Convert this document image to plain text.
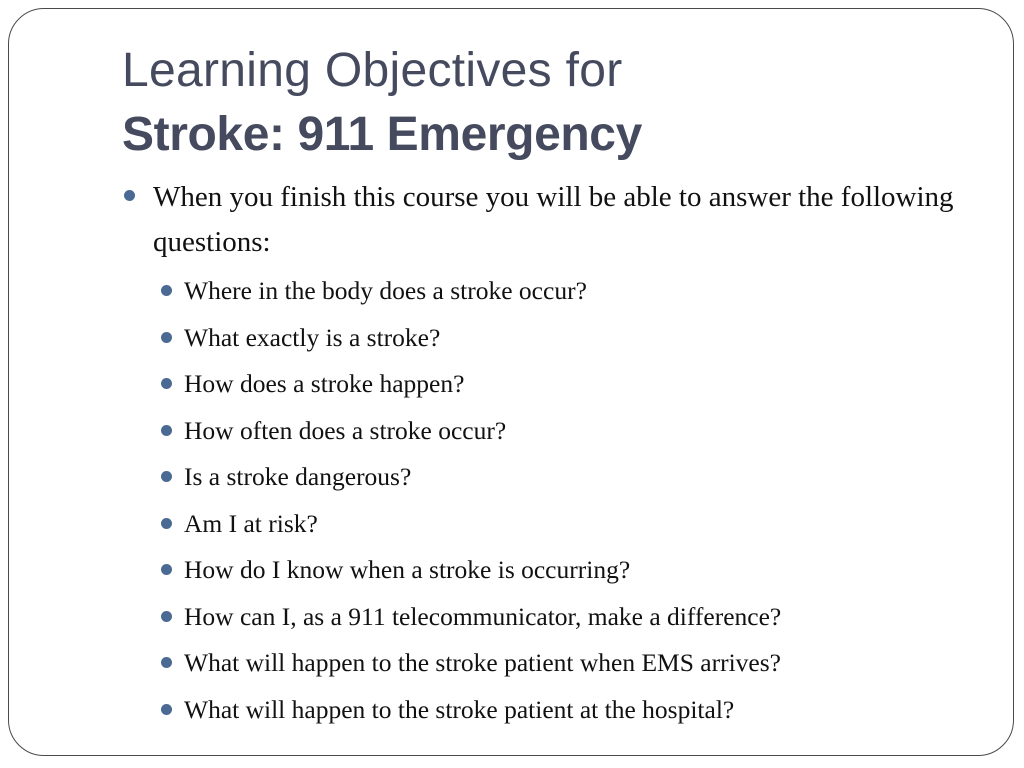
Learning Objectives for
Stroke: 911 Emergency
When you finish this course you will be able to answer the following questions:
Where in the body does a stroke occur?
What exactly is a stroke?
How does a stroke happen?
How often does a stroke occur?
Is a stroke dangerous?
Am I at risk?
How do I know when a stroke is occurring?
How can I, as a 911 telecommunicator, make a difference?
What will happen to the stroke patient when EMS arrives?
What will happen to the stroke patient at the hospital?
